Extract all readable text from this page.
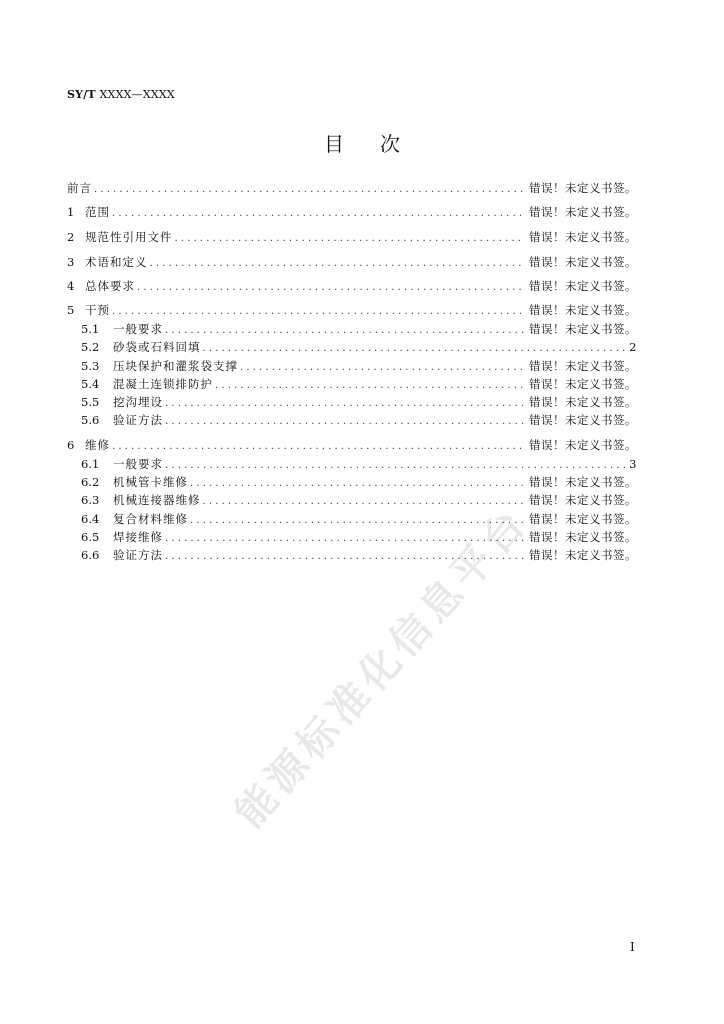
SY/T XXXX—XXXX
目次
前言 . . .	错误！未定义书签。
1 范围 . . .	错误！未定义书签。
2 规范性引用文件 . . .	错误！未定义书签。
3 术语和定义 . . .	错误！未定义书签。
4 总体要求 . . .	错误！未定义书签。
5 干预 . . .	错误！未定义书签。
5.1	一般要求 . . .	错误！未定义书签。
5.2	砂袋或石料回填 . . .	2
5.3	压块保护和灌浆袋支撑 . . .	错误！未定义书签。
5.4	混凝土连锁排防护 . . .	错误！未定义书签。
5.5	挖沟埋设 . . .	错误！未定义书签。
5.6	验证方法 . . .	错误！未定义书签。
6 维修 . . .	错误！未定义书签。
6.1	一般要求 . . .	3
6.2	机械管卡维修 . . .	错误！未定义书签。
6.3	机械连接器维修 . . .	错误！未定义书签。
6.4	复合材料维修 . . .	错误！未定义书签。
6.5	焊接维修 . . .	错误！未定义书签。
6.6	验证方法 . . .	错误！未定义书签。
能源标准化信息平台
I
